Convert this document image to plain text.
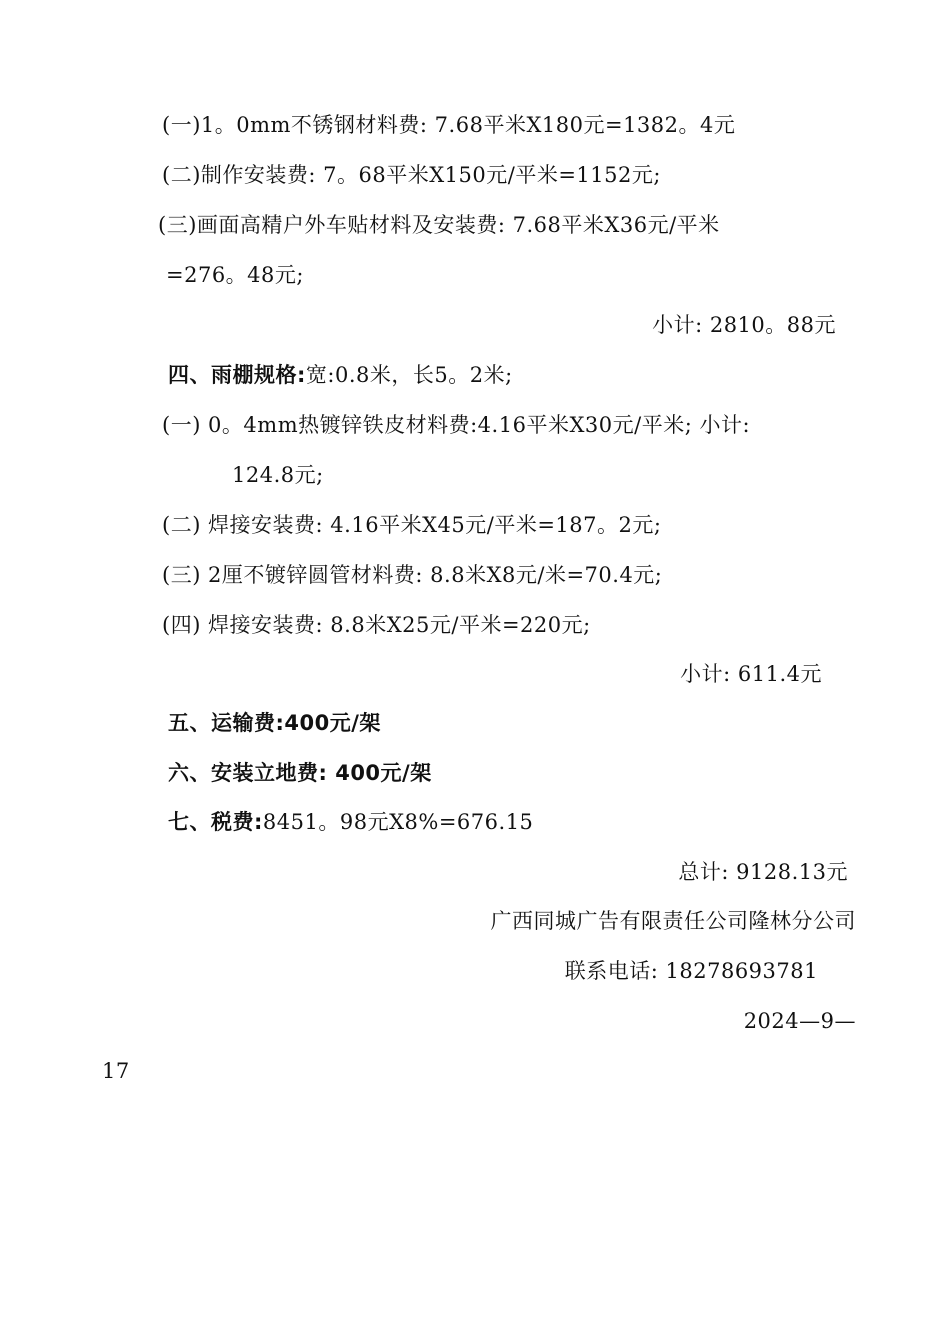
(一)1。0mm不锈钢材料费: 7.68平米X180元=1382。4元
(二)制作安装费: 7。68平米X150元/平米=1152元;
(三)画面高精户外车贴材料及安装费: 7.68平米X36元/平米
=276。48元;
小计: 2810。88元
四、雨棚规格:宽:0.8米，长5。2米;
(一) 0。4mm热镀锌铁皮材料费:4.16平米X30元/平米; 小计:
124.8元;
(二) 焊接安装费: 4.16平米X45元/平米=187。2元;
(三) 2厘不镀锌圆管材料费: 8.8米X8元/米=70.4元;
(四) 焊接安装费: 8.8米X25元/平米=220元;
小计: 611.4元
五、运输费:400元/架
六、安装立地费: 400元/架
七、税费:8451。98元X8%=676.15
总计: 9128.13元
广西同城广告有限责任公司隆林分公司
联系电话: 18278693781
2024—9—
17
